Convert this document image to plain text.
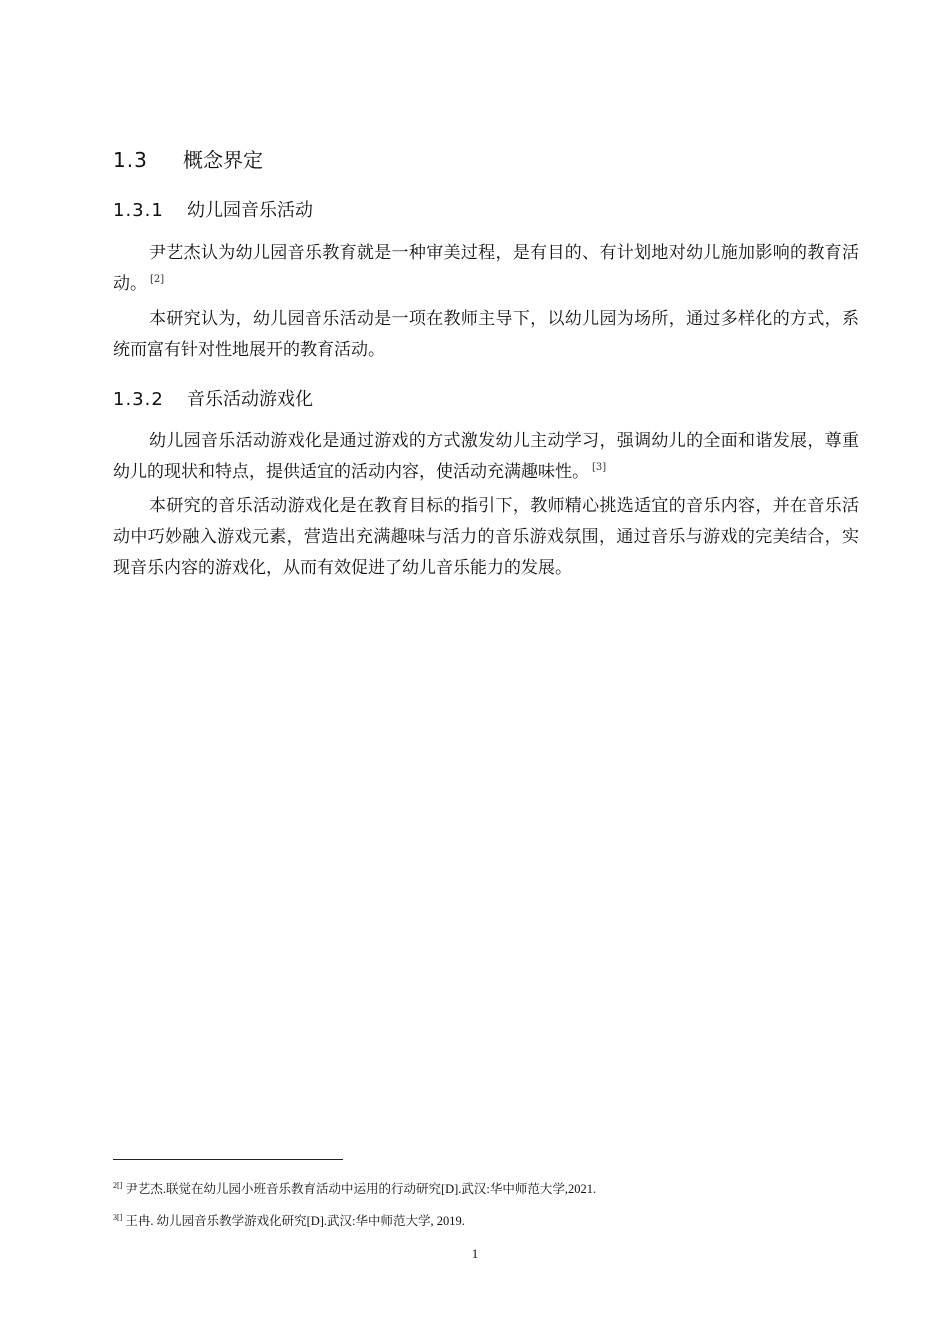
1.3 概念界定
1.3.1 幼儿园音乐活动

尹艺杰认为幼儿园音乐教育就是一种审美过程，是有目的、有计划地对幼儿施加影响的教育活动。 [2]

本研究认为，幼儿园音乐活动是一项在教师主导下，以幼儿园为场所，通过多样化的方式，系统而富有针对性地展开的教育活动。

1.3.2 音乐活动游戏化

幼儿园音乐活动游戏化是通过游戏的方式激发幼儿主动学习，强调幼儿的全面和谐发展，尊重幼儿的现状和特点，提供适宜的活动内容，使活动充满趣味性。 [3]

本研究的音乐活动游戏化是在教育目标的指引下，教师精心挑选适宜的音乐内容，并在音乐活动中巧妙融入游戏元素，营造出充满趣味与活力的音乐游戏氛围，通过音乐与游戏的完美结合，实现音乐内容的游戏化，从而有效促进了幼儿音乐能力的发展。

$^{2[]}$ 尹艺杰.联觉在幼儿园小班音乐教育活动中运用的行动研究[D].武汉:华中师范大学,2021.
$^{3[]}$ 王冉. 幼儿园音乐教学游戏化研究[D].武汉:华中师范大学, 2019.
1
